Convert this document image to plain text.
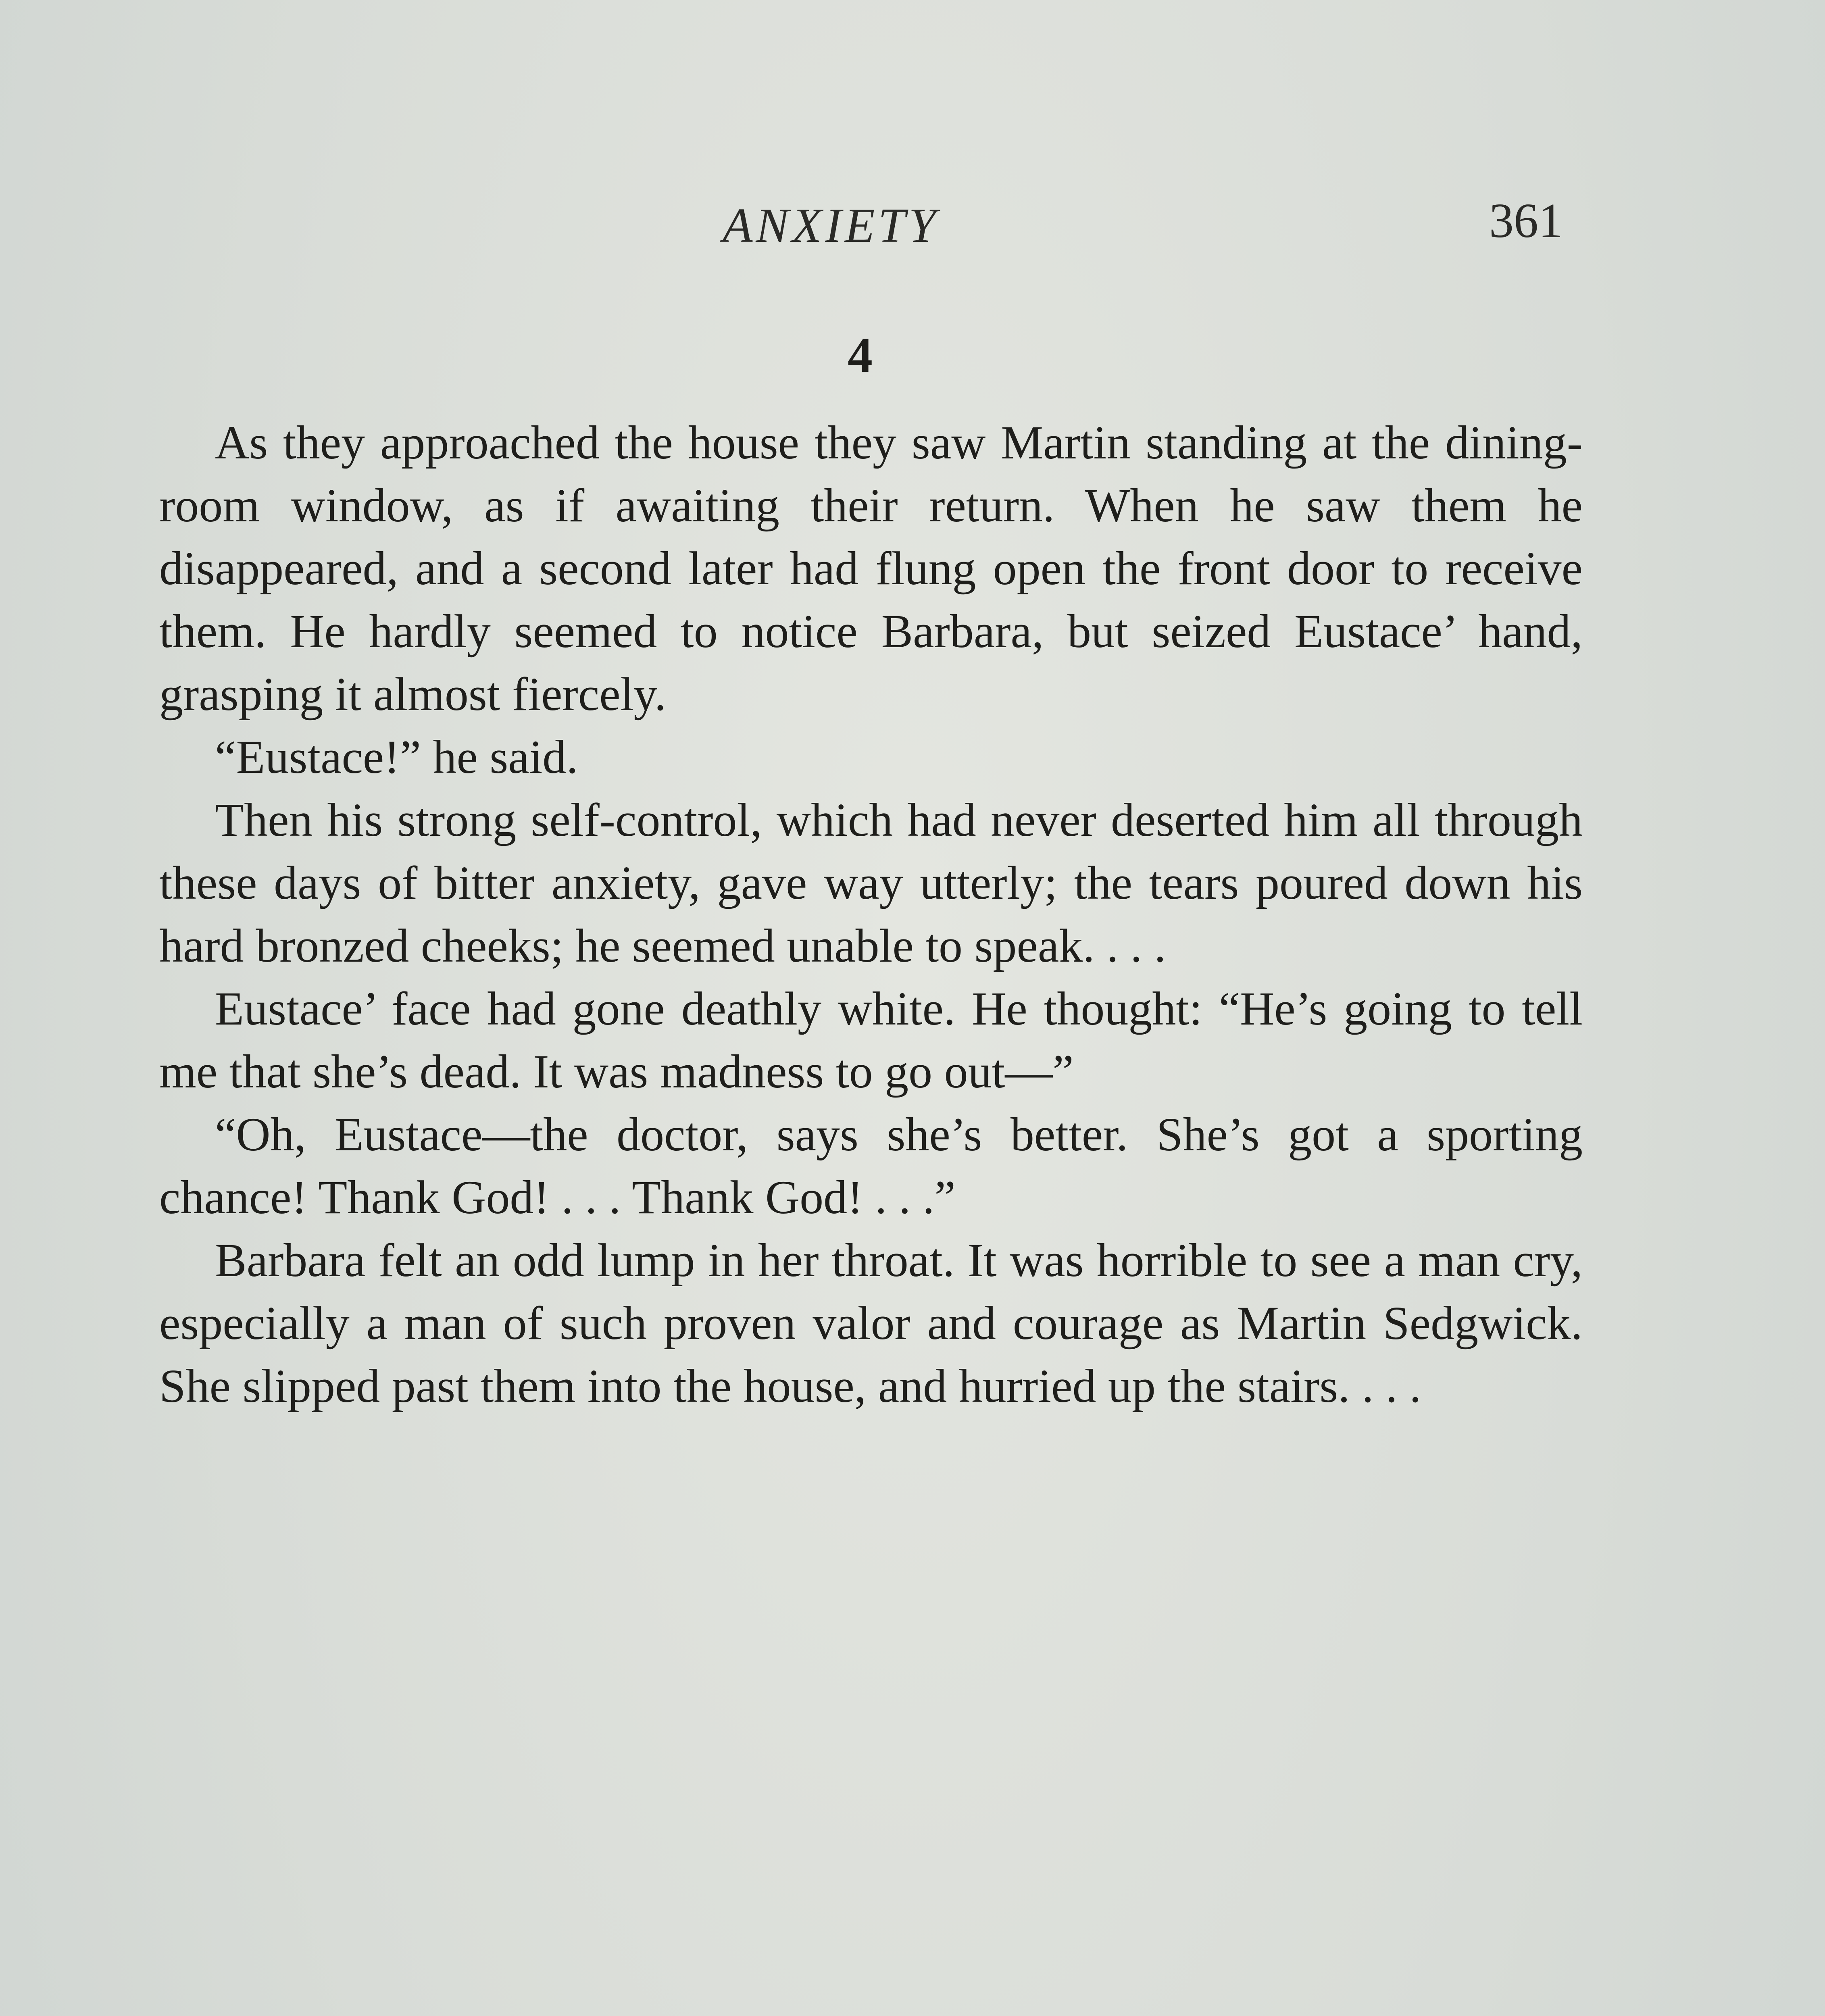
ANXIETY	361
4

As they approached the house they saw Martin standing at the dining-room window, as if awaiting their return. When he saw them he disappeared, and a second later had flung open the front door to receive them. He hardly seemed to notice Barbara, but seized Eustace’ hand, grasping it almost fiercely.

“Eustace!” he said.

Then his strong self-control, which had never deserted him all through these days of bitter anxiety, gave way utterly; the tears poured down his hard bronzed cheeks; he seemed unable to speak. . . .

Eustace’ face had gone deathly white. He thought: “He’s going to tell me that she’s dead. It was madness to go out—”

“Oh, Eustace—the doctor, says she’s better. She’s got a sporting chance! Thank God! . . . Thank God! . . .”

Barbara felt an odd lump in her throat. It was horrible to see a man cry, especially a man of such proven valor and courage as Martin Sedgwick. She slipped past them into the house, and hurried up the stairs. . . .
